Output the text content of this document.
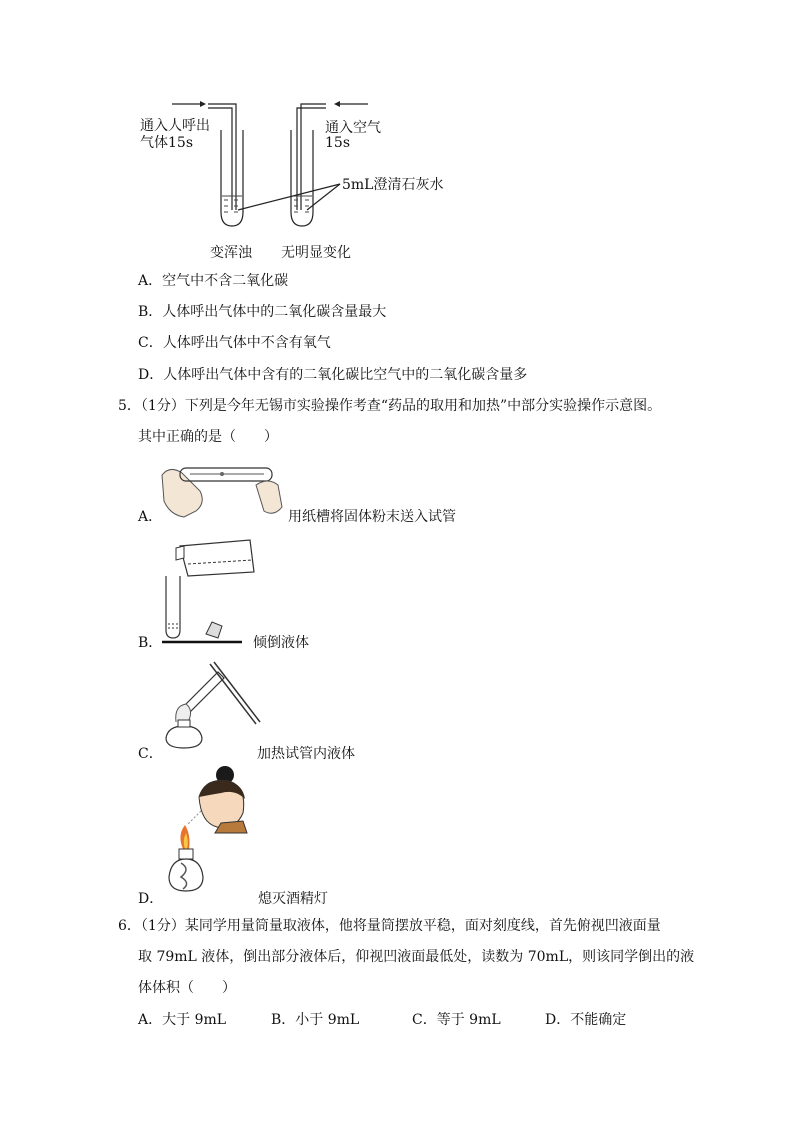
通入人呼出
气体15s
通入空气
15s
5mL澄清石灰水
变浑浊 无明显变化
A．空气中不含二氧化碳
B．人体呼出气体中的二氧化碳含量最大
C．人体呼出气体中不含有氧气
D．人体呼出气体中含有的二氧化碳比空气中的二氧化碳含量多
5．（1分）下列是今年无锡市实验操作考查“药品的取用和加热”中部分实验操作示意图。
其中正确的是（　　）
A．	用纸槽将固体粉末送入试管
B．	倾倒液体
C．	加热试管内液体
D．	熄灭酒精灯
6．（1分）某同学用量筒量取液体，他将量筒摆放平稳，面对刻度线，首先俯视凹液面量
取 79mL 液体，倒出部分液体后，仰视凹液面最低处，读数为 70mL，则该同学倒出的液
体体积（　　）
A．大于 9mL	B．小于 9mL	C．等于 9mL	D．不能确定
